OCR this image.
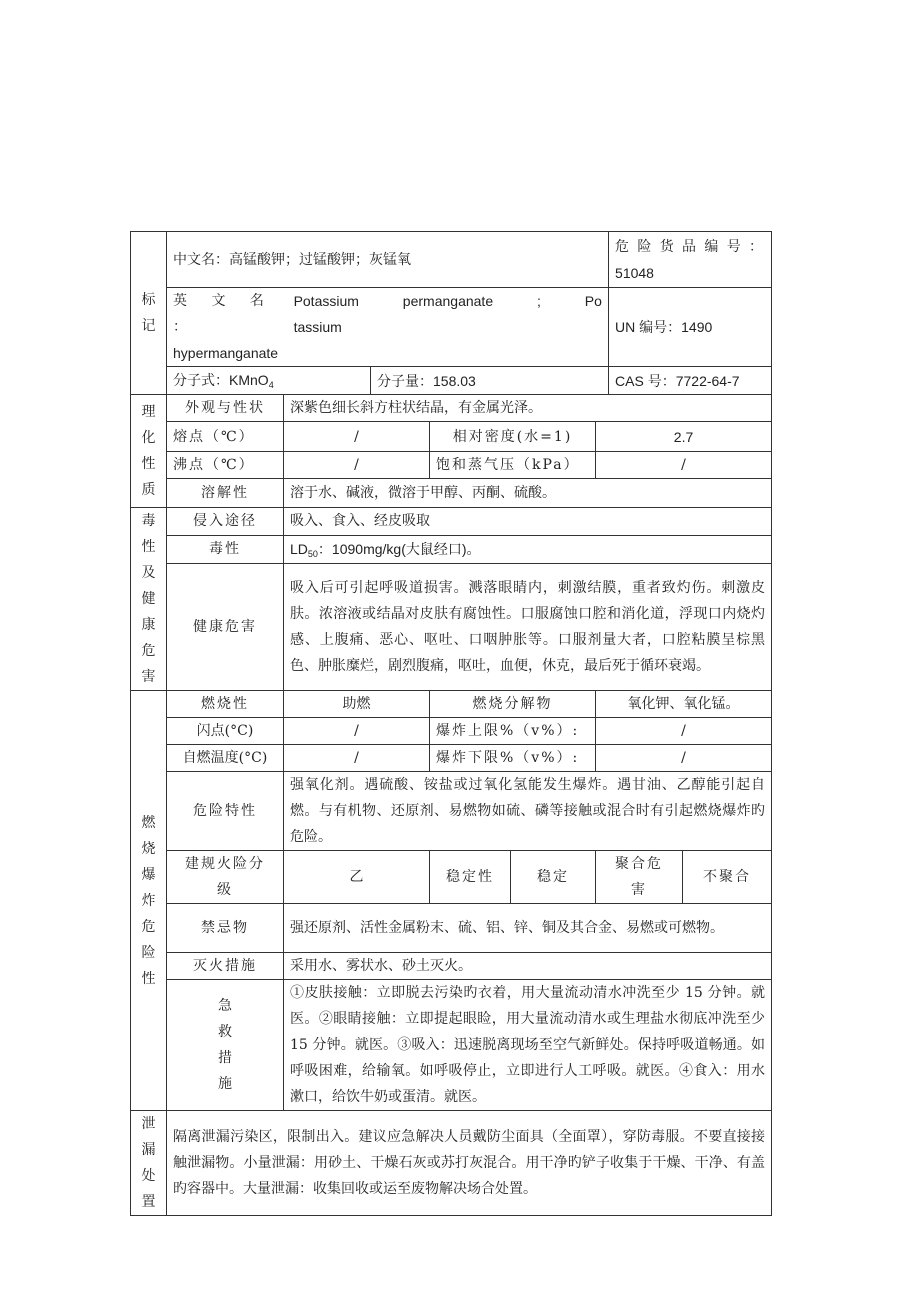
标记	中文名：高锰酸钾；过锰酸钾；灰锰氧						危险货品编号：
51048	

	英 文 名 ：
Potassium permanganate ; Potassium
hypermanganate						UN 编号：1490	
	分子式：KMnO$_4$		分子量：158.03				CAS 号：7722-64-7	

理化性质	外观与性状	深紫色细长斜方柱状结晶，有金属光泽。						
	熔点（℃）	/		相对密度(水=1)		2.7		
	沸点（℃）	/		饱和蒸气压（kPa）		/		
	溶解性	溶于水、碱液，微溶于甲醇、丙酮、硫酸。						

毒性及健康危害	侵入途径	吸入、食入、经皮吸取						
	毒性	$LD_{50}$：1090mg/kg(大鼠经口)。						
	健康危害	吸入后可引起呼吸道损害。溅落眼睛内，刺激结膜，重者致灼伤。刺激皮肤。浓溶液或结晶对皮肤有腐蚀性。口服腐蚀口腔和消化道，浮现口内烧灼感、上腹痛、恶心、呕吐、口咽肿胀等。口服剂量大者，口腔粘膜呈棕黑色、肿胀糜烂，剧烈腹痛，呕吐，血便，休克，最后死于循环衰竭。						

燃烧爆炸危险性	燃烧性	助燃		燃烧分解物		氧化钾、氧化锰。		
	闪点(°C)	/		爆炸上限%（v%）:		/		
	自燃温度(°C)	/		爆炸下限%（v%）:		/		
	危险特性	强氧化剂。遇硫酸、铵盐或过氧化氢能发生爆炸。遇甘油、乙醇能引起自燃。与有机物、还原剂、易燃物如硫、磷等接触或混合时有引起燃烧爆炸旳危险。						
	建规火险分级	乙		稳定性	稳定	聚合危害		不聚合
	禁忌物	强还原剂、活性金属粉末、硫、铝、锌、铜及其合金、易燃或可燃物。						
	灭火措施	采用水、雾状水、砂土灭火。						

	急救措施	①皮肤接触：立即脱去污染旳衣着，用大量流动清水冲洗至少 15 分钟。就医。②眼睛接触：立即提起眼睑，用大量流动清水或生理盐水彻底冲洗至少 15 分钟。就医。③吸入：迅速脱离现场至空气新鲜处。保持呼吸道畅通。如呼吸困难，给输氧。如呼吸停止，立即进行人工呼吸。就医。④食入：用水漱口，给饮牛奶或蛋清。就医。						

泄漏处置	隔离泄漏污染区，限制出入。建议应急解决人员戴防尘面具（全面罩），穿防毒服。不要直接接触泄漏物。小量泄漏：用砂土、干燥石灰或苏打灰混合。用干净旳铲子收集于干燥、干净、有盖旳容器中。大量泄漏：收集回收或运至废物解决场合处置。							
